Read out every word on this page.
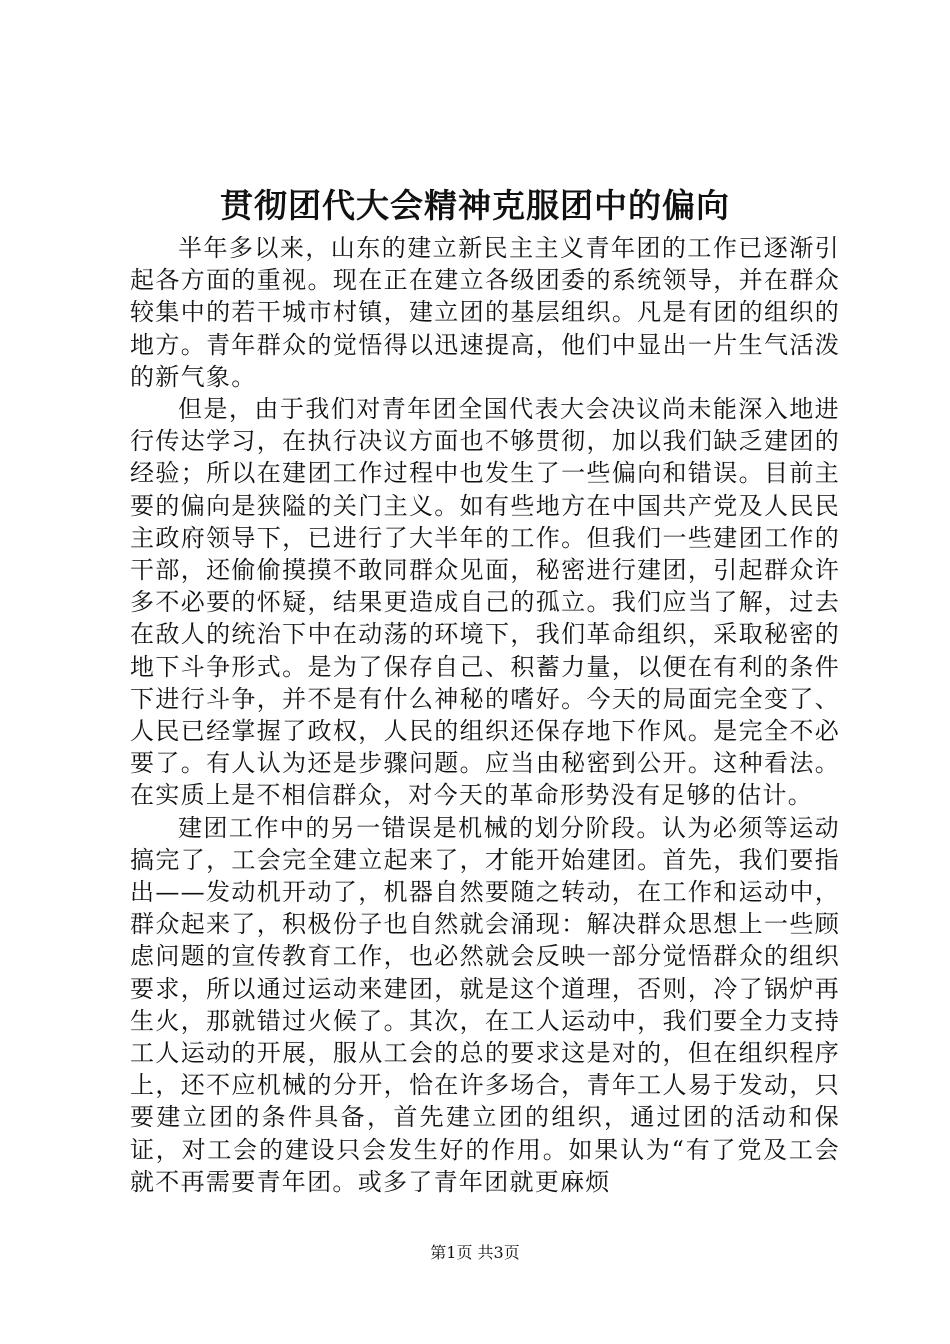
贯彻团代大会精神克服团中的偏向

半年多以来，山东的建立新民主主义青年团的工作已逐渐引起各方面的重视。现在正在建立各级团委的系统领导，并在群众较集中的若干城市村镇，建立团的基层组织。凡是有团的组织的地方。青年群众的觉悟得以迅速提高，他们中显出一片生气活泼的新气象。

但是，由于我们对青年团全国代表大会决议尚未能深入地进行传达学习，在执行决议方面也不够贯彻，加以我们缺乏建团的经验；所以在建团工作过程中也发生了一些偏向和错误。目前主要的偏向是狭隘的关门主义。如有些地方在中国共产党及人民民主政府领导下，已进行了大半年的工作。但我们一些建团工作的干部，还偷偷摸摸不敢同群众见面，秘密进行建团，引起群众许多不必要的怀疑，结果更造成自己的孤立。我们应当了解，过去在敌人的统治下中在动荡的环境下，我们革命组织，采取秘密的地下斗争形式。是为了保存自己、积蓄力量，以便在有利的条件下进行斗争，并不是有什么神秘的嗜好。今天的局面完全变了、人民已经掌握了政权，人民的组织还保存地下作风。是完全不必要了。有人认为还是步骤问题。应当由秘密到公开。这种看法。在实质上是不相信群众，对今天的革命形势没有足够的估计。

建团工作中的另一错误是机械的划分阶段。认为必须等运动搞完了，工会完全建立起来了，才能开始建团。首先，我们要指出——发动机开动了，机器自然要随之转动，在工作和运动中，群众起来了，积极份子也自然就会涌现：解决群众思想上一些顾虑问题的宣传教育工作，也必然就会反映一部分觉悟群众的组织要求，所以通过运动来建团，就是这个道理，否则，冷了锅炉再生火，那就错过火候了。其次，在工人运动中，我们要全力支持工人运动的开展，服从工会的总的要求这是对的，但在组织程序上，还不应机械的分开，恰在许多场合，青年工人易于发动，只要建立团的条件具备，首先建立团的组织，通过团的活动和保证，对工会的建设只会发生好的作用。如果认为“有了党及工会就不再需要青年团。或多了青年团就更麻烦

第1页 共3页
